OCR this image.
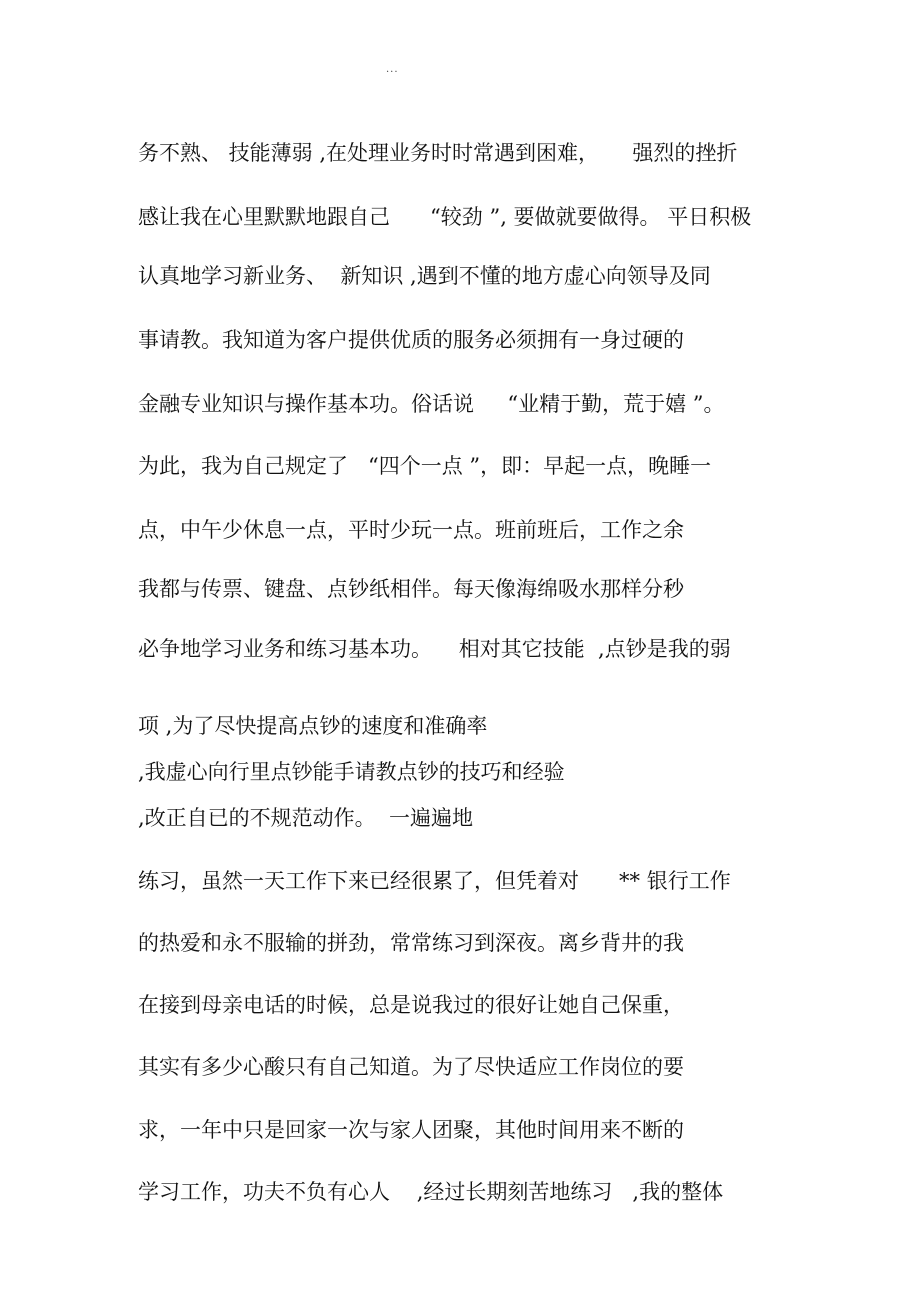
...
务不熟、 技能薄弱 ,在处理业务时时常遇到困难，     强烈的挫折
感让我在心里默默地跟自己      “较劲 ”, 要做就要做得。 平日积极
认真地学习新业务、  新知识 ,遇到不懂的地方虚心向领导及同
事请教。我知道为客户提供优质的服务必须拥有一身过硬的
金融专业知识与操作基本功。俗话说     “业精于勤，荒于嬉 ”。
为此，我为自己规定了   “四个一点 ”，即：早起一点，晚睡一
点，中午少休息一点，平时少玩一点。班前班后，工作之余
我都与传票、键盘、点钞纸相伴。每天像海绵吸水那样分秒
必争地学习业务和练习基本功。    相对其它技能  ,点钞是我的弱
项 ,为了尽快提高点钞的速度和准确率
,我虚心向行里点钞能手请教点钞的技巧和经验
,改正自已的不规范动作。  一遍遍地
练习，虽然一天工作下来已经很累了，但凭着对      ** 银行工作
的热爱和永不服输的拼劲，常常练习到深夜。离乡背井的我
在接到母亲电话的时候，总是说我过的很好让她自己保重，
其实有多少心酸只有自己知道。为了尽快适应工作岗位的要
求，一年中只是回家一次与家人团聚，其他时间用来不断的
学习工作，功夫不负有心人    ,经过长期刻苦地练习   ,我的整体
